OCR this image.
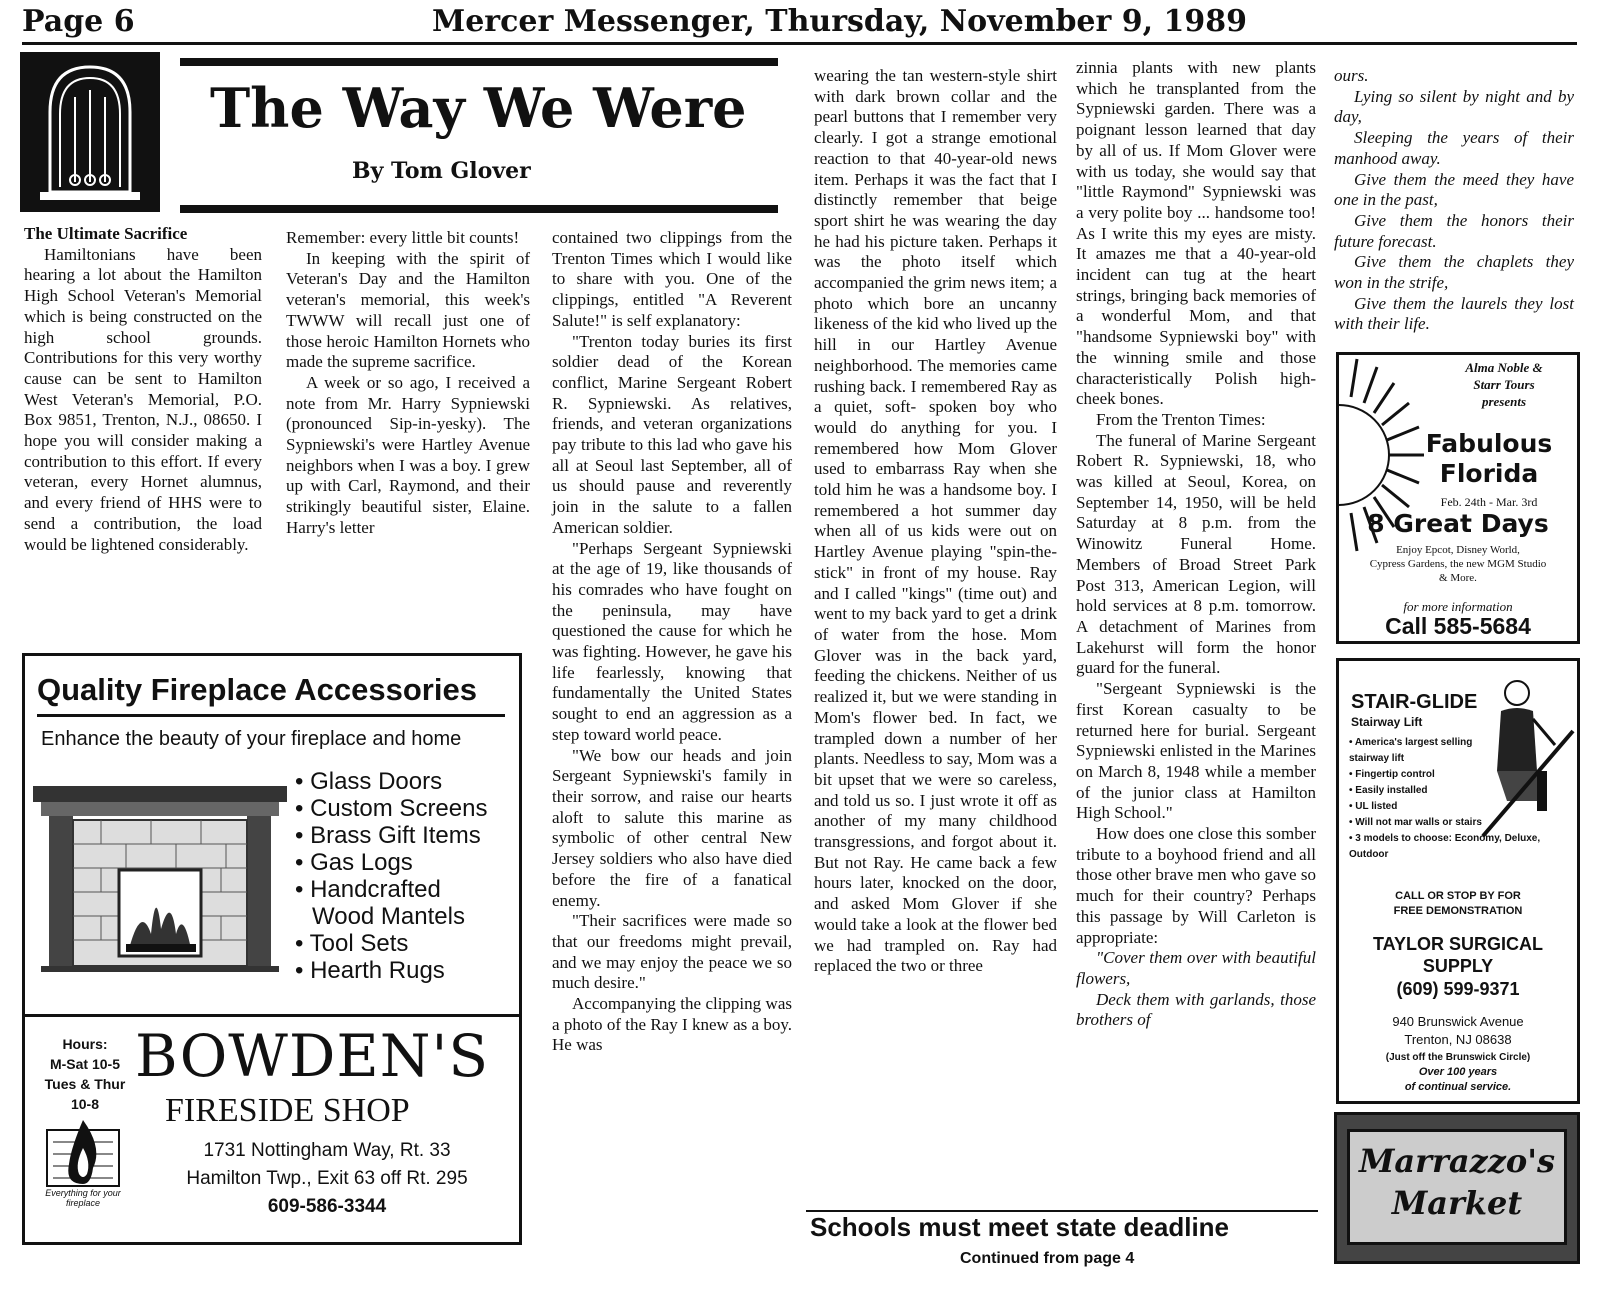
Page 6	Mercer Messenger, Thursday, November 9, 1989
The Way We Were
By Tom Glover

The Ultimate Sacrifice

Hamiltonians have been hearing a lot about the Hamilton High School Veteran's Memorial which is being constructed on the high school grounds. Contributions for this very worthy cause can be sent to Hamilton West Veteran's Memorial, P.O. Box 9851, Trenton, N.J., 08650. I hope you will consider making a contribution to this effort. If every veteran, every Hornet alumnus, and every friend of HHS were to send a contribution, the load would be lightened considerably.

Remember: every little bit counts!

In keeping with the spirit of Veteran's Day and the Hamilton veteran's memorial, this week's TWWW will recall just one of those heroic Hamilton Hornets who made the supreme sacrifice.

A week or so ago, I received a note from Mr. Harry Sypniewski (pronounced Sip-in-yesky). The Sypniewski's were Hartley Avenue neighbors when I was a boy. I grew up with Carl, Raymond, and their strikingly beautiful sister, Elaine. Harry's letter

contained two clippings from the Trenton Times which I would like to share with you. One of the clippings, entitled "A Reverent Salute!" is self explanatory:

"Trenton today buries its first soldier dead of the Korean conflict, Marine Sergeant Robert R. Sypniewski. As relatives, friends, and veteran organizations pay tribute to this lad who gave his all at Seoul last September, all of us should pause and reverently join in the salute to a fallen American soldier.

"Perhaps Sergeant Sypniewski at the age of 19, like thousands of his comrades who have fought on the peninsula, may have questioned the cause for which he was fighting. However, he gave his life fearlessly, knowing that fundamentally the United States sought to end an aggression as a step toward world peace.

"We bow our heads and join Sergeant Sypniewski's family in their sorrow, and raise our hearts aloft to salute this marine as symbolic of other central New Jersey soldiers who also have died before the fire of a fanatical enemy.

"Their sacrifices were made so that our freedoms might prevail, and we may enjoy the peace we so much desire."

Accompanying the clipping was a photo of the Ray I knew as a boy. He was

wearing the tan western-style shirt with dark brown collar and the pearl buttons that I remember very clearly. I got a strange emotional reaction to that 40-year-old news item. Perhaps it was the fact that I distinctly remember that beige sport shirt he was wearing the day he had his picture taken. Perhaps it was the photo itself which accompanied the grim news item; a photo which bore an uncanny likeness of the kid who lived up the hill in our Hartley Avenue neighborhood. The memories came rushing back. I remembered Ray as a quiet, soft- spoken boy who would do anything for you. I remembered how Mom Glover used to embarrass Ray when she told him he was a handsome boy. I remembered a hot summer day when all of us kids were out on Hartley Avenue playing "spin-the-stick" in front of my house. Ray and I called "kings" (time out) and went to my back yard to get a drink of water from the hose. Mom Glover was in the back yard, feeding the chickens. Neither of us realized it, but we were standing in Mom's flower bed. In fact, we trampled down a number of her plants. Needless to say, Mom was a bit upset that we were so careless, and told us so. I just wrote it off as another of my many childhood transgressions, and forgot about it. But not Ray. He came back a few hours later, knocked on the door, and asked Mom Glover if she would take a look at the flower bed we had trampled on. Ray had replaced the two or three

zinnia plants with new plants which he transplanted from the Sypniewski garden. There was a poignant lesson learned that day by all of us. If Mom Glover were with us today, she would say that "little Raymond" Sypniewski was a very polite boy ... handsome too! As I write this my eyes are misty. It amazes me that a 40-year-old incident can tug at the heart strings, bringing back memories of a wonderful Mom, and that "handsome Sypniewski boy" with the winning smile and those characteristically Polish high-cheek bones.

From the Trenton Times:

The funeral of Marine Sergeant Robert R. Sypniewski, 18, who was killed at Seoul, Korea, on September 14, 1950, will be held Saturday at 8 p.m. from the Winowitz Funeral Home. Members of Broad Street Park Post 313, American Legion, will hold services at 8 p.m. tomorrow. A detachment of Marines from Lakehurst will form the honor guard for the funeral.

"Sergeant Sypniewski is the first Korean casualty to be returned here for burial. Sergeant Sypniewski enlisted in the Marines on March 8, 1948 while a member of the junior class at Hamilton High School."

How does one close this somber tribute to a boyhood friend and all those other brave men who gave so much for their country? Perhaps this passage by Will Carleton is appropriate:

"Cover them over with beautiful flowers,

Deck them with garlands, those brothers of

ours.

Lying so silent by night and by day,

Sleeping the years of their manhood away.

Give them the meed they have one in the past,

Give them the honors their future forecast.

Give them the chaplets they won in the strife,

Give them the laurels they lost with their life.

Quality Fireplace Accessories
Enhance the beauty of your fireplace and home
• Glass Doors
• Custom Screens
• Brass Gift Items
• Gas Logs
• Handcrafted
Wood Mantels
• Tool Sets
• Hearth Rugs
Hours:
M-Sat 10-5
Tues & Thur
10-8
Everything for your fireplace
BOWDEN'S
FIRESIDE SHOP
1731 Nottingham Way, Rt. 33
Hamilton Twp., Exit 63 off Rt. 295
609-586-3344
Alma Noble &
Starr Tours
presents
Fabulous
Florida
Feb. 24th - Mar. 3rd
8 Great Days
Enjoy Epcot, Disney World,
Cypress Gardens, the new MGM Studio
& More.
for more information
Call 585-5684
STAIR-GLIDE
Stairway Lift
• America's largest selling stairway lift
• Fingertip control
• Easily installed
• UL listed
• Will not mar walls or stairs
• 3 models to choose: Economy, Deluxe, Outdoor
CALL OR STOP BY FOR
FREE DEMONSTRATION
TAYLOR SURGICAL
SUPPLY
(609) 599-9371
940 Brunswick Avenue
Trenton, NJ 08638
(Just off the Brunswick Circle)
Over 100 years
of continual service.
Marrazzo's
Market
Schools must meet state deadline
Continued from page 4
